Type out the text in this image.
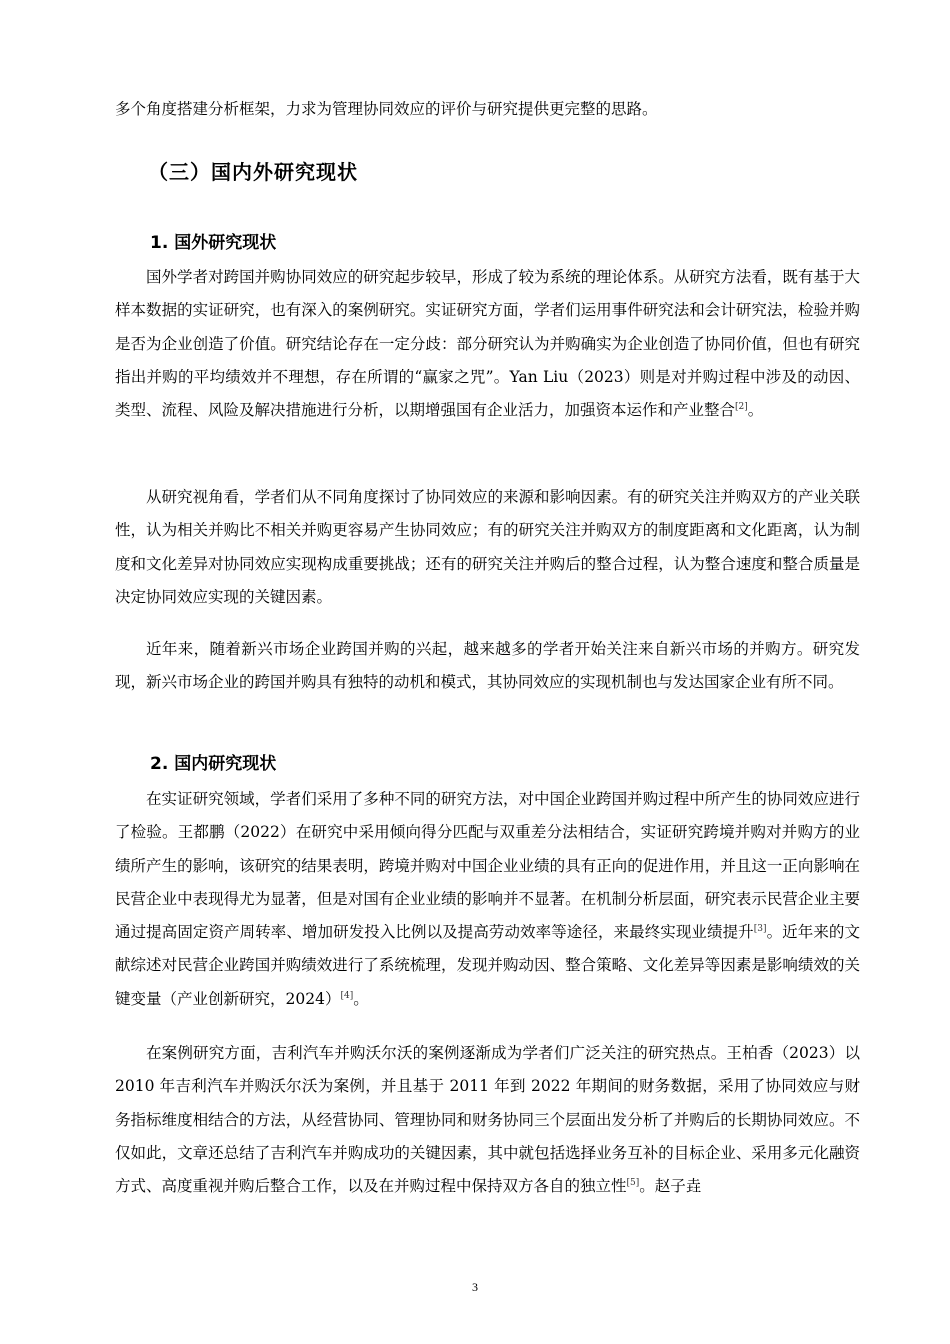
多个角度搭建分析框架，力求为管理协同效应的评价与研究提供更完整的思路。

（三）国内外研究现状
1. 国外研究现状

国外学者对跨国并购协同效应的研究起步较早，形成了较为系统的理论体系。从研究方法看，既有基于大样本数据的实证研究，也有深入的案例研究。实证研究方面，学者们运用事件研究法和会计研究法，检验并购是否为企业创造了价值。研究结论存在一定分歧：部分研究认为并购确实为企业创造了协同价值，但也有研究指出并购的平均绩效并不理想，存在所谓的“赢家之咒”。Yan Liu（2023）则是对并购过程中涉及的动因、类型、流程、风险及解决措施进行分析，以期增强国有企业活力，加强资本运作和产业整合[2]。

从研究视角看，学者们从不同角度探讨了协同效应的来源和影响因素。有的研究关注并购双方的产业关联性，认为相关并购比不相关并购更容易产生协同效应；有的研究关注并购双方的制度距离和文化距离，认为制度和文化差异对协同效应实现构成重要挑战；还有的研究关注并购后的整合过程，认为整合速度和整合质量是决定协同效应实现的关键因素。

近年来，随着新兴市场企业跨国并购的兴起，越来越多的学者开始关注来自新兴市场的并购方。研究发现，新兴市场企业的跨国并购具有独特的动机和模式，其协同效应的实现机制也与发达国家企业有所不同。

2. 国内研究现状

在实证研究领域，学者们采用了多种不同的研究方法，对中国企业跨国并购过程中所产生的协同效应进行了检验。王都鹏（2022）在研究中采用倾向得分匹配与双重差分法相结合，实证研究跨境并购对并购方的业绩所产生的影响，该研究的结果表明，跨境并购对中国企业业绩的具有正向的促进作用，并且这一正向影响在民营企业中表现得尤为显著，但是对国有企业业绩的影响并不显著。在机制分析层面，研究表示民营企业主要通过提高固定资产周转率、增加研发投入比例以及提高劳动效率等途径，来最终实现业绩提升[3]。近年来的文献综述对民营企业跨国并购绩效进行了系统梳理，发现并购动因、整合策略、文化差异等因素是影响绩效的关键变量（产业创新研究，2024）[4]。

在案例研究方面，吉利汽车并购沃尔沃的案例逐渐成为学者们广泛关注的研究热点。王柏香（2023）以 2010 年吉利汽车并购沃尔沃为案例，并且基于 2011 年到 2022 年期间的财务数据，采用了协同效应与财务指标维度相结合的方法，从经营协同、管理协同和财务协同三个层面出发分析了并购后的长期协同效应。不仅如此，文章还总结了吉利汽车并购成功的关键因素，其中就包括选择业务互补的目标企业、采用多元化融资方式、高度重视并购后整合工作，以及在并购过程中保持双方各自的独立性[5]。赵子垚

3
